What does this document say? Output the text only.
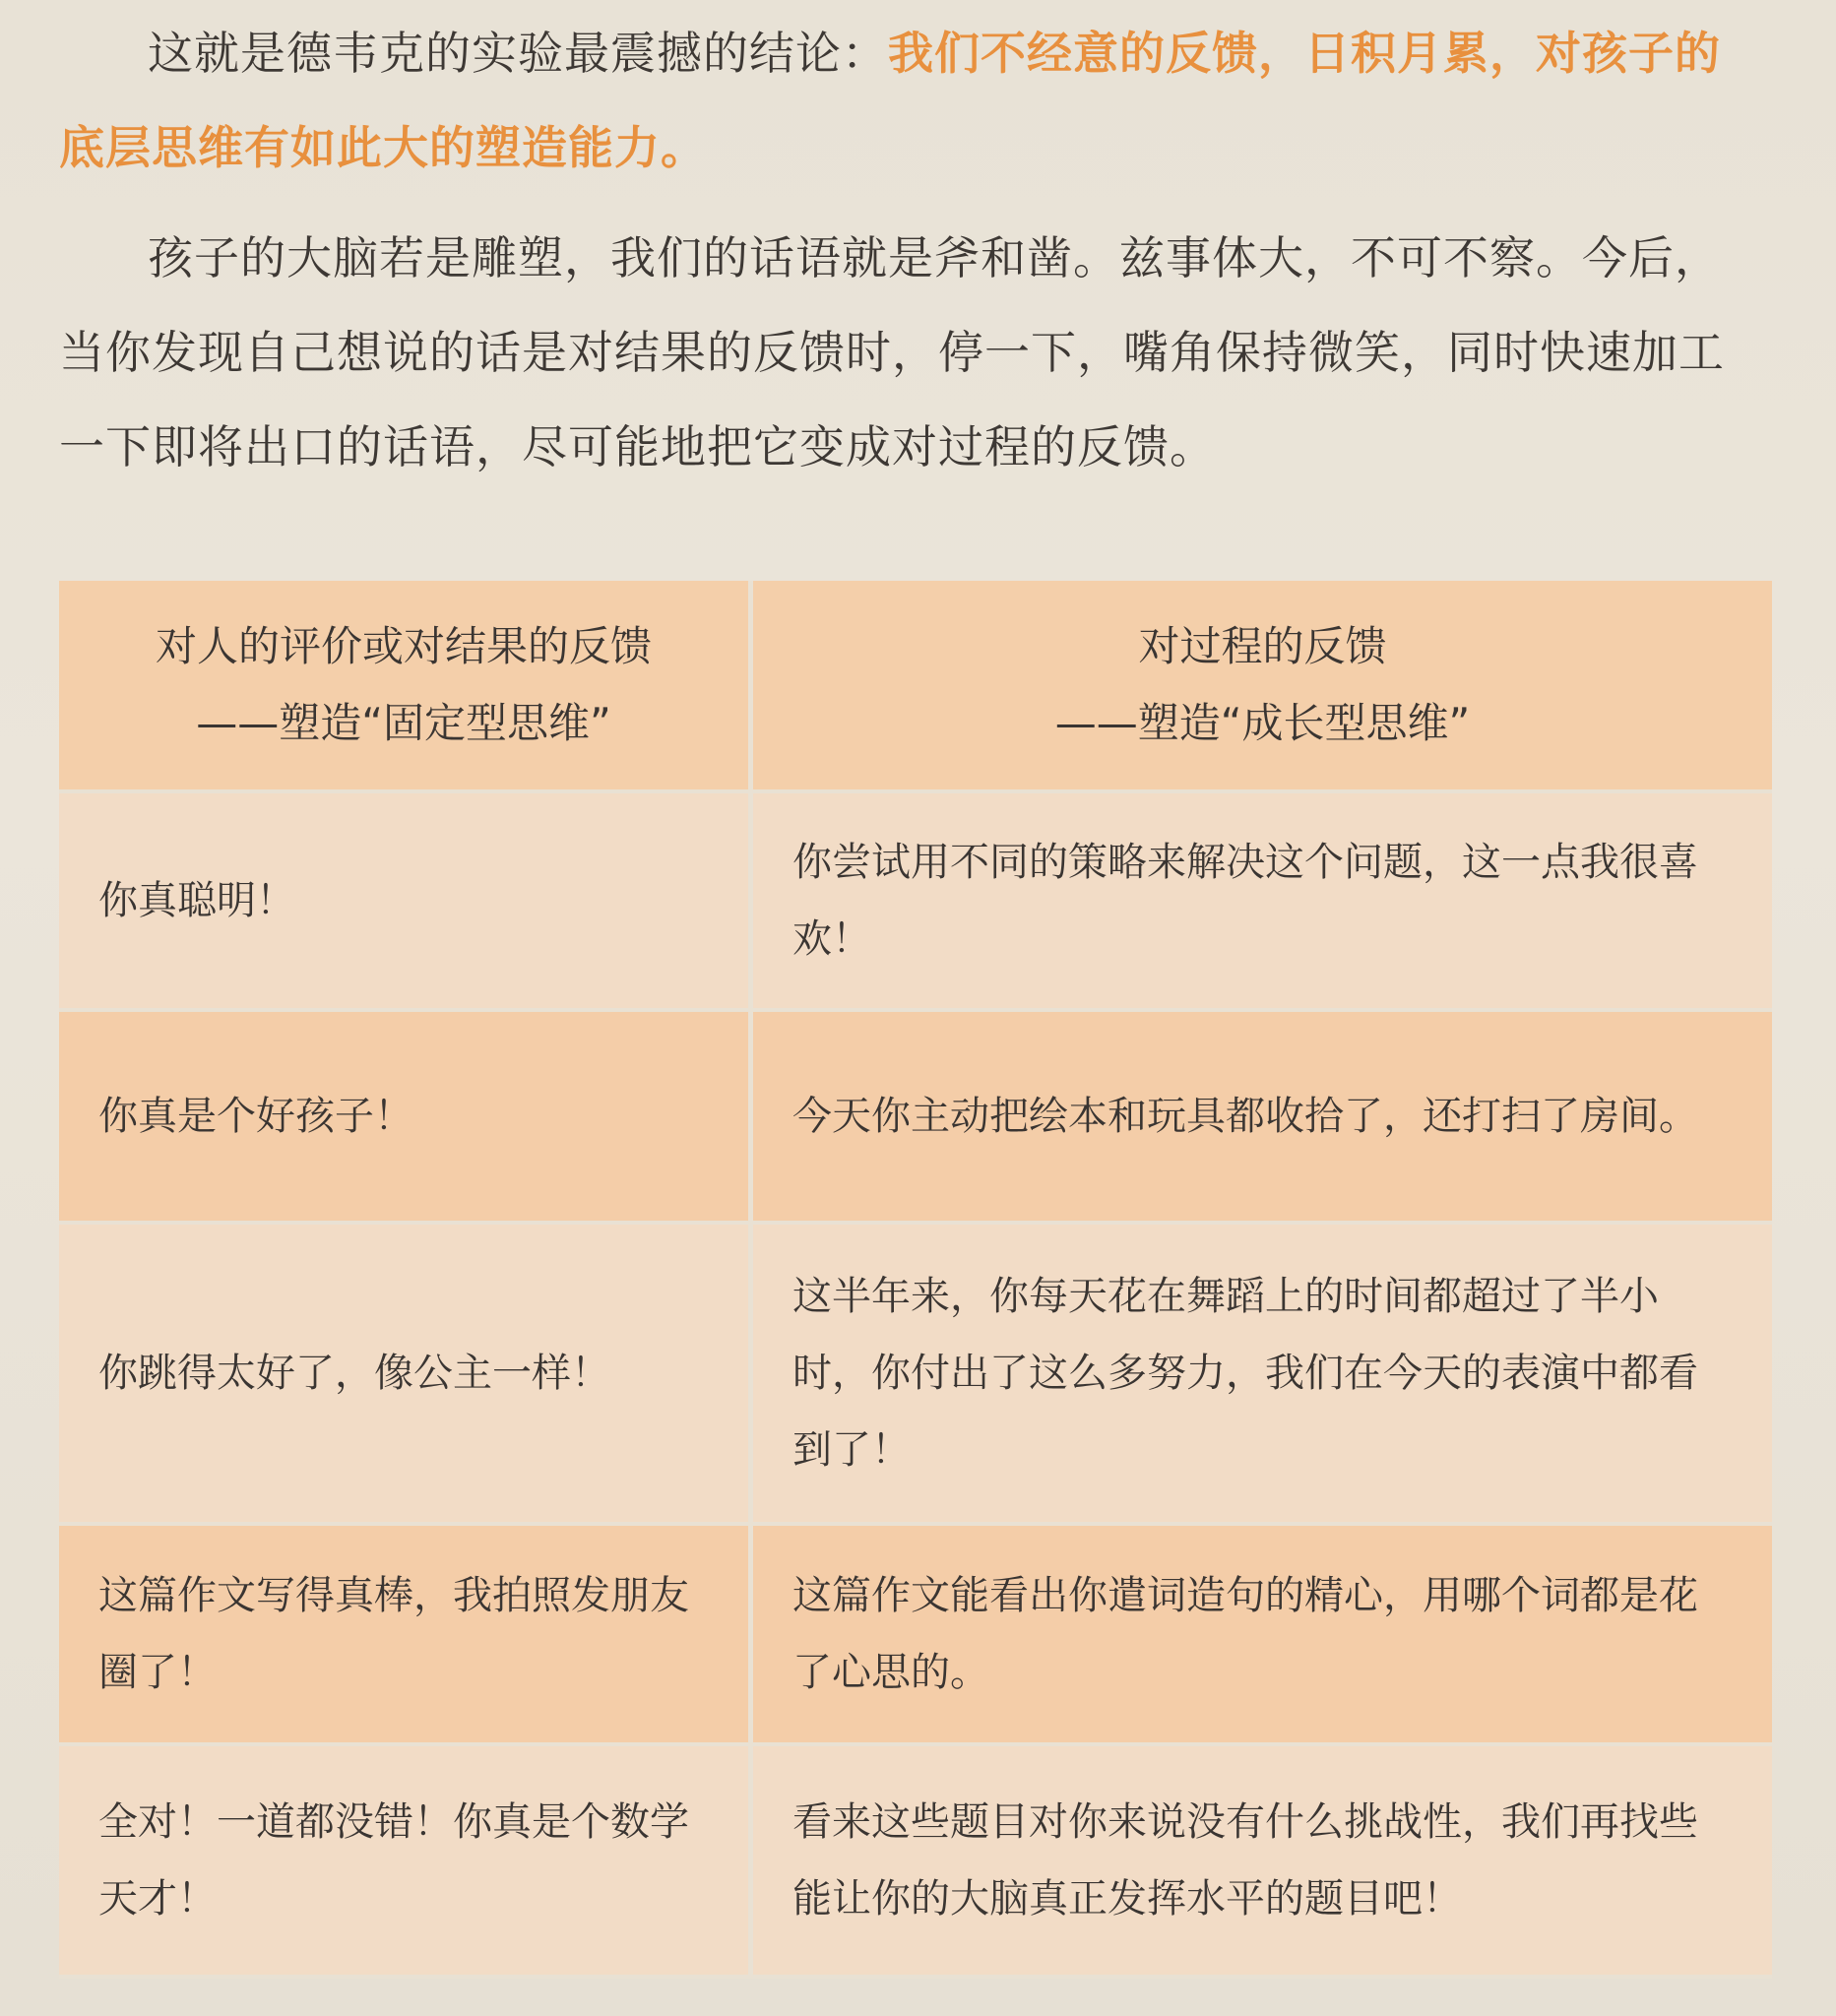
这就是德韦克的实验最震撼的结论：我们不经意的反馈，日积月累，对孩子的底层思维有如此大的塑造能力。

孩子的大脑若是雕塑，我们的话语就是斧和凿。兹事体大，不可不察。今后，当你发现自己想说的话是对结果的反馈时，停一下，嘴角保持微笑，同时快速加工一下即将出口的话语，尽可能地把它变成对过程的反馈。

对人的评价或对结果的反馈
——塑造“固定型思维”
对过程的反馈
——塑造“成长型思维”
你真聪明！
你尝试用不同的策略来解决这个问题，这一点我很喜欢！
你真是个好孩子！	今天你主动把绘本和玩具都收拾了，还打扫了房间。
你跳得太好了，像公主一样！
这半年来，你每天花在舞蹈上的时间都超过了半小时，你付出了这么多努力，我们在今天的表演中都看到了！
这篇作文写得真棒，我拍照发朋友圈了！
这篇作文能看出你遣词造句的精心，用哪个词都是花了心思的。
全对！一道都没错！你真是个数学天才！
看来这些题目对你来说没有什么挑战性，我们再找些能让你的大脑真正发挥水平的题目吧！
